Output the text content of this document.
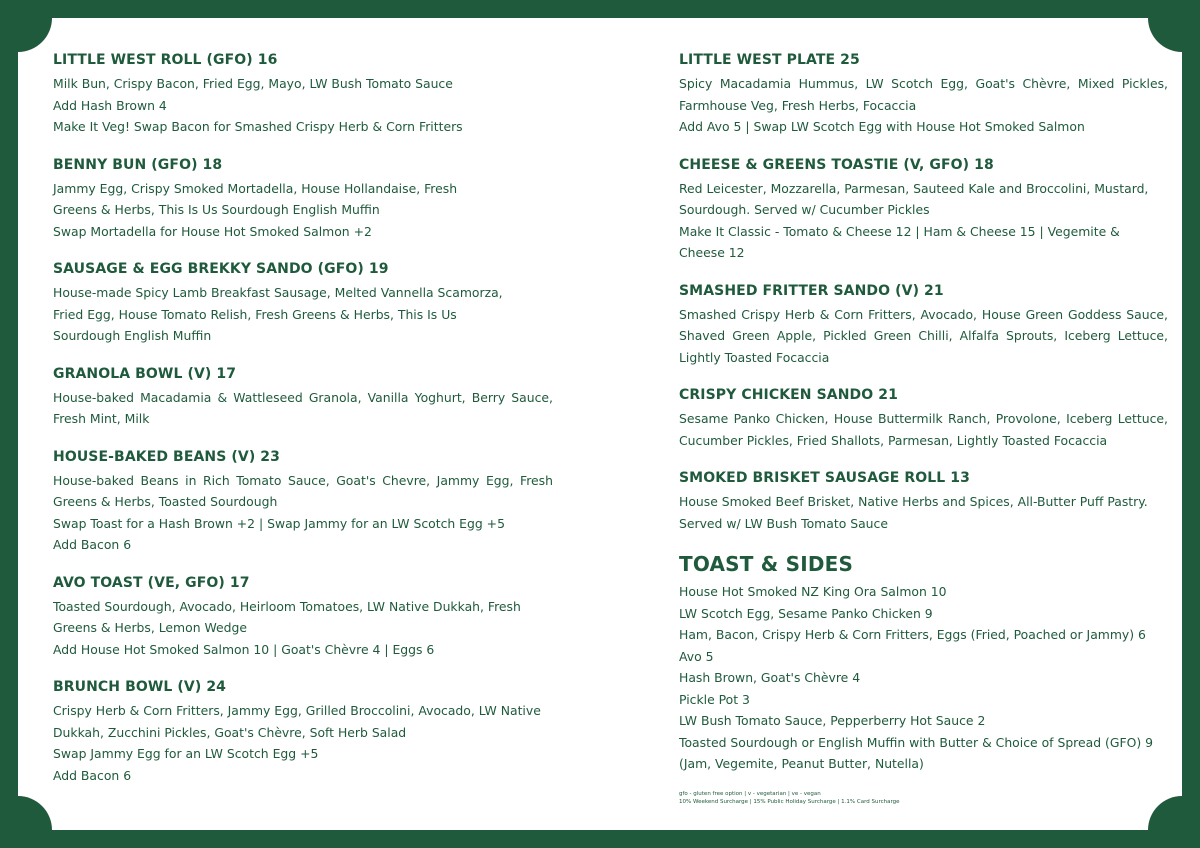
LITTLE WEST ROLL (GFO) 16
Milk Bun, Crispy Bacon, Fried Egg, Mayo, LW Bush Tomato Sauce
Add Hash Brown 4
Make It Veg! Swap Bacon for Smashed Crispy Herb & Corn Fritters
BENNY BUN (GFO) 18
Jammy Egg, Crispy Smoked Mortadella, House Hollandaise, Fresh Greens & Herbs, This Is Us Sourdough English Muffin
Swap Mortadella for House Hot Smoked Salmon +2
SAUSAGE & EGG BREKKY SANDO (GFO) 19
House-made Spicy Lamb Breakfast Sausage, Melted Vannella Scamorza, Fried Egg, House Tomato Relish, Fresh Greens & Herbs, This Is Us Sourdough English Muffin
GRANOLA BOWL (V) 17
House-baked Macadamia & Wattleseed Granola, Vanilla Yoghurt, Berry Sauce, Fresh Mint, Milk
HOUSE-BAKED BEANS (V) 23
House-baked Beans in Rich Tomato Sauce, Goat's Chevre, Jammy Egg, Fresh Greens & Herbs, Toasted Sourdough
Swap Toast for a Hash Brown +2 | Swap Jammy for an LW Scotch Egg +5
Add Bacon 6
AVO TOAST (VE, GFO) 17
Toasted Sourdough, Avocado, Heirloom Tomatoes, LW Native Dukkah, Fresh Greens & Herbs, Lemon Wedge
Add House Hot Smoked Salmon 10 | Goat's Chèvre 4 | Eggs 6
BRUNCH BOWL (V) 24
Crispy Herb & Corn Fritters, Jammy Egg, Grilled Broccolini, Avocado, LW Native Dukkah, Zucchini Pickles, Goat's Chèvre, Soft Herb Salad
Swap Jammy Egg for an LW Scotch Egg +5
Add Bacon 6
LITTLE WEST PLATE 25
Spicy Macadamia Hummus, LW Scotch Egg, Goat's Chèvre, Mixed Pickles, Farmhouse Veg, Fresh Herbs, Focaccia
Add Avo 5 | Swap LW Scotch Egg with House Hot Smoked Salmon
CHEESE & GREENS TOASTIE (V, GFO) 18
Red Leicester, Mozzarella, Parmesan, Sauteed Kale and Broccolini, Mustard, Sourdough. Served w/ Cucumber Pickles
Make It Classic - Tomato & Cheese 12 | Ham & Cheese 15 | Vegemite & Cheese 12
SMASHED FRITTER SANDO (V) 21
Smashed Crispy Herb & Corn Fritters, Avocado, House Green Goddess Sauce, Shaved Green Apple, Pickled Green Chilli, Alfalfa Sprouts, Iceberg Lettuce, Lightly Toasted Focaccia
CRISPY CHICKEN SANDO 21
Sesame Panko Chicken, House Buttermilk Ranch, Provolone, Iceberg Lettuce, Cucumber Pickles, Fried Shallots, Parmesan, Lightly Toasted Focaccia
SMOKED BRISKET SAUSAGE ROLL 13
House Smoked Beef Brisket, Native Herbs and Spices, All-Butter Puff Pastry. Served w/ LW Bush Tomato Sauce
TOAST & SIDES
House Hot Smoked NZ King Ora Salmon 10
LW Scotch Egg, Sesame Panko Chicken 9
Ham, Bacon, Crispy Herb & Corn Fritters, Eggs (Fried, Poached or Jammy) 6
Avo 5
Hash Brown, Goat's Chèvre 4
Pickle Pot 3
LW Bush Tomato Sauce, Pepperberry Hot Sauce 2
Toasted Sourdough or English Muffin with Butter & Choice of Spread (GFO) 9
(Jam, Vegemite, Peanut Butter, Nutella)
gfo - gluten free option | v - vegetarian | ve - vegan
10% Weekend Surcharge | 15% Public Holiday Surcharge | 1.1% Card Surcharge
